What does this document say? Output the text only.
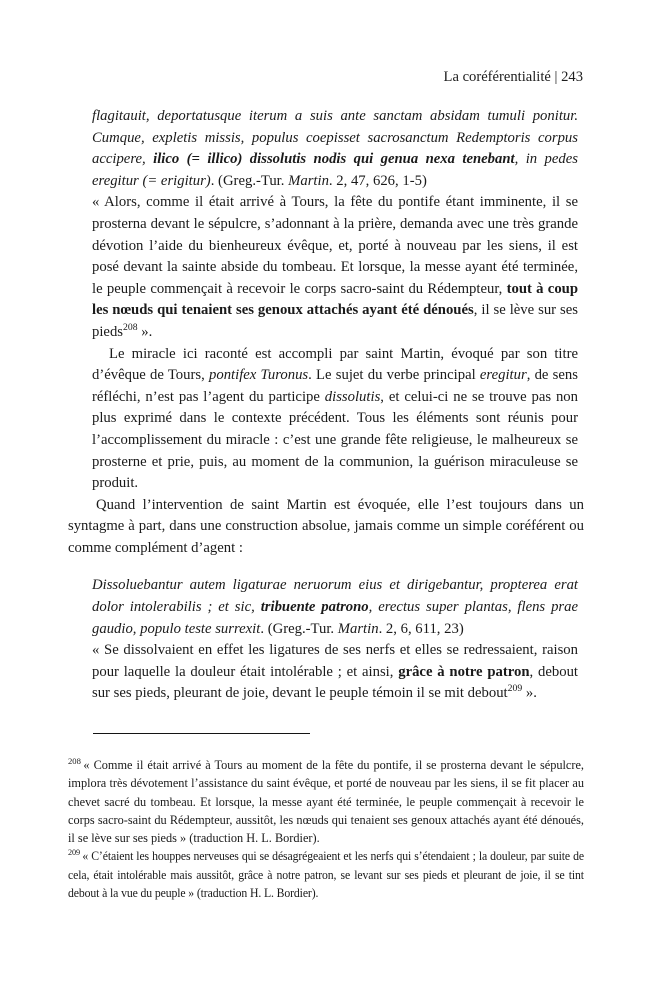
La coréférentialité | 243

flagitauit, deportatusque iterum a suis ante sanctam absidam tumuli ponitur. Cumque, expletis missis, populus coepisset sacrosanctum Redemptoris corpus accipere, ilico (= illico) dissolutis nodis qui genua nexa tenebant, in pedes eregitur (= erigitur). (Greg.-Tur. Martin. 2, 47, 626, 1-5)

« Alors, comme il était arrivé à Tours, la fête du pontife étant imminente, il se prosterna devant le sépulcre, s’adonnant à la prière, demanda avec une très grande dévotion l’aide du bienheureux évêque, et, porté à nouveau par les siens, il est posé devant la sainte abside du tombeau. Et lorsque, la messe ayant été terminée, le peuple commençait à recevoir le corps sacro-saint du Rédempteur, tout à coup les nœuds qui tenaient ses genoux attachés ayant été dénoués, il se lève sur ses pieds$^{208}$ ».

Le miracle ici raconté est accompli par saint Martin, évoqué par son titre d’évêque de Tours, pontifex Turonus. Le sujet du verbe principal eregitur, de sens réfléchi, n’est pas l’agent du participe dissolutis, et celui-ci ne se trouve pas non plus exprimé dans le contexte précédent. Tous les éléments sont réunis pour l’accomplissement du miracle : c’est une grande fête religieuse, le malheureux se prosterne et prie, puis, au moment de la communion, la guérison miraculeuse se produit.

Quand l’intervention de saint Martin est évoquée, elle l’est toujours dans un syntagme à part, dans une construction absolue, jamais comme un simple coréférent ou comme complément d’agent :

Dissoluebantur autem ligaturae neruorum eius et dirigebantur, propterea erat dolor intolerabilis ; et sic, tribuente patrono, erectus super plantas, flens prae gaudio, populo teste surrexit. (Greg.-Tur. Martin. 2, 6, 611, 23)

« Se dissolvaient en effet les ligatures de ses nerfs et elles se redressaient, raison pour laquelle la douleur était intolérable ; et ainsi, grâce à notre patron, debout sur ses pieds, pleurant de joie, devant le peuple témoin il se mit debout$^{209}$ ».

$^{208}$ « Comme il était arrivé à Tours au moment de la fête du pontife, il se prosterna devant le sépulcre, implora très dévotement l’assistance du saint évêque, et porté de nouveau par les siens, il se fit placer au chevet sacré du tombeau. Et lorsque, la messe ayant été terminée, le peuple commençait à recevoir le corps sacro-saint du Rédempteur, aussitôt, les nœuds qui tenaient ses genoux attachés ayant été dénoués, il se lève sur ses pieds » (traduction H. L. Bordier).

$^{209}$ « C’étaient les houppes nerveuses qui se désagrégeaient et les nerfs qui s’étendaient ; la douleur, par suite de cela, était intolérable mais aussitôt, grâce à notre patron, se levant sur ses pieds et pleurant de joie, il se tint debout à la vue du peuple » (traduction H. L. Bordier).
